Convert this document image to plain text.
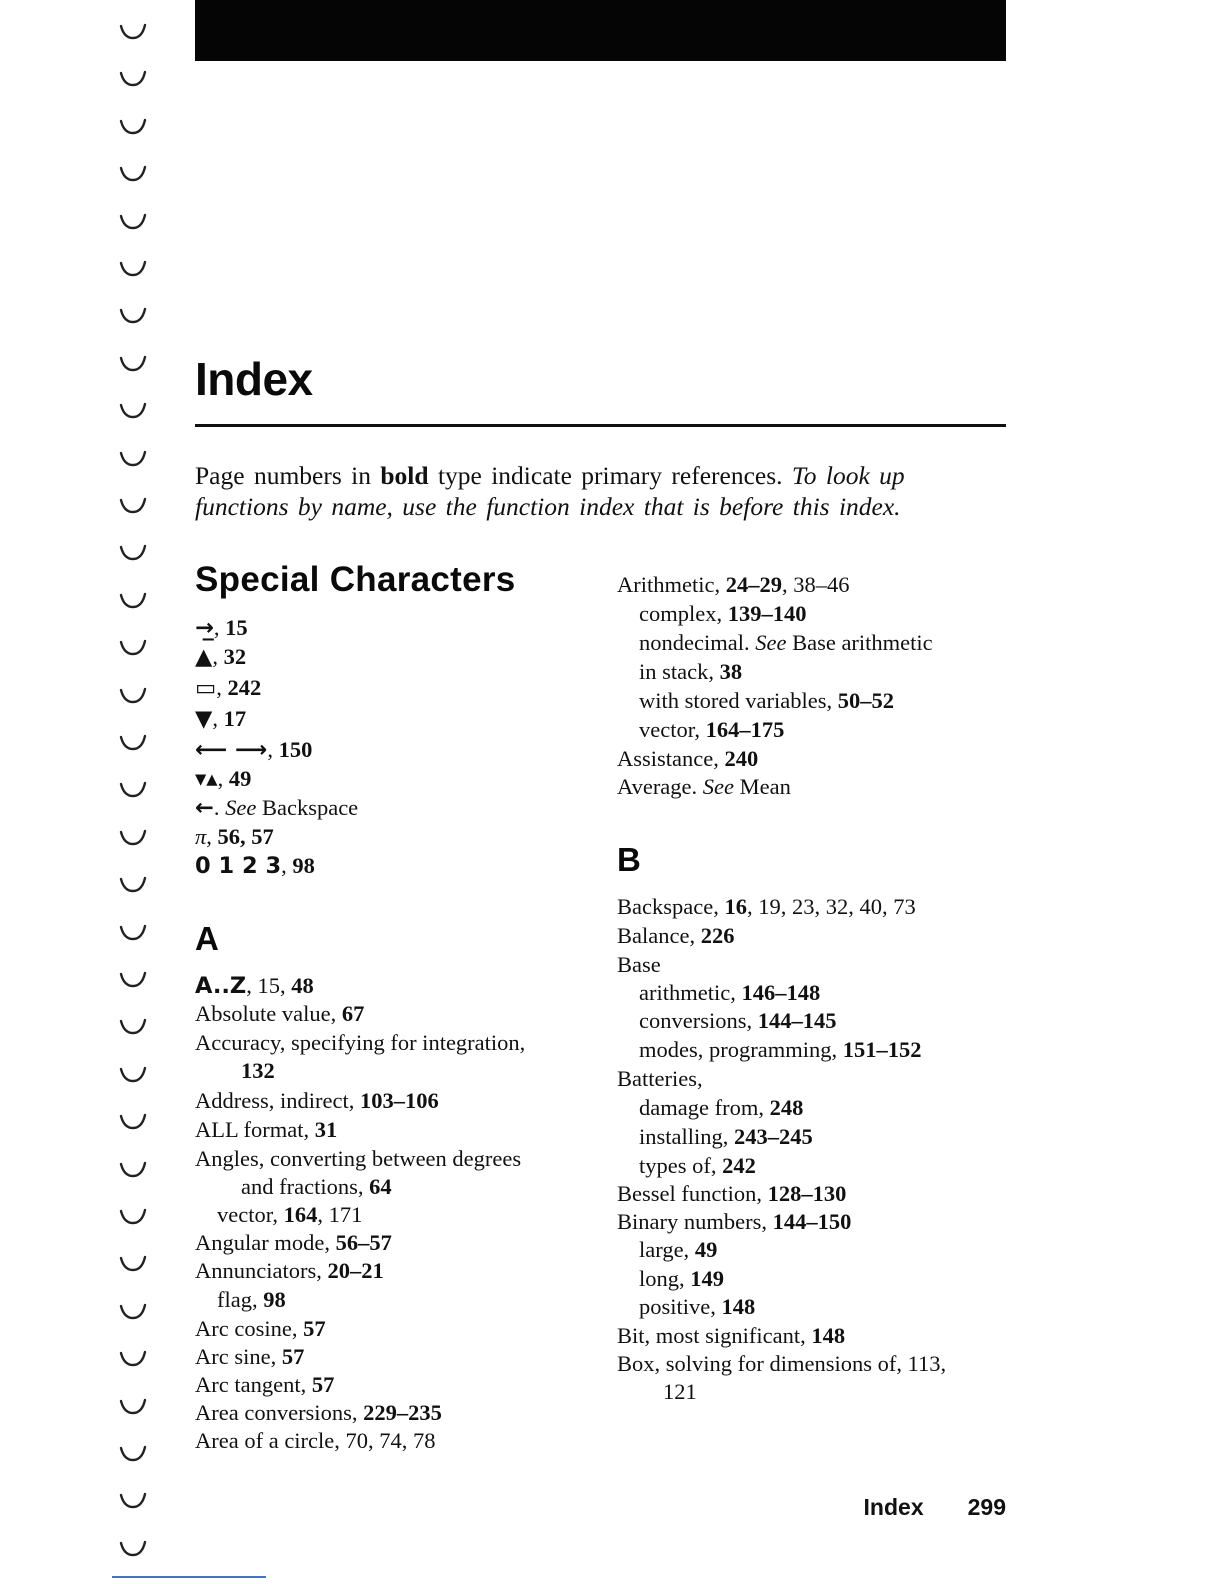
Index

Page numbers in bold type indicate primary references. To look up functions by name, use the function index that is before this index.

Special Characters
→̲, 15
▲, 32
▭, 242
▼, 17
⟵ ⟶, 150
▾▴, 49
←. See Backspace
π, 56, 57
0 1 2 3, 98
A
A..Z, 15, 48
Absolute value, 67
Accuracy, specifying for integration,
132
Address, indirect, 103–106
ALL format, 31
Angles, converting between degrees
and fractions, 64
vector, 164, 171
Angular mode, 56–57
Annunciators, 20–21
flag, 98
Arc cosine, 57
Arc sine, 57
Arc tangent, 57
Area conversions, 229–235
Area of a circle, 70, 74, 78
Arithmetic, 24–29, 38–46
complex, 139–140
nondecimal. See Base arithmetic
in stack, 38
with stored variables, 50–52
vector, 164–175
Assistance, 240
Average. See Mean
B
Backspace, 16, 19, 23, 32, 40, 73
Balance, 226
Base
arithmetic, 146–148
conversions, 144–145
modes, programming, 151–152
Batteries,
damage from, 248
installing, 243–245
types of, 242
Bessel function, 128–130
Binary numbers, 144–150
large, 49
long, 149
positive, 148
Bit, most significant, 148
Box, solving for dimensions of, 113,
121

Index 299
